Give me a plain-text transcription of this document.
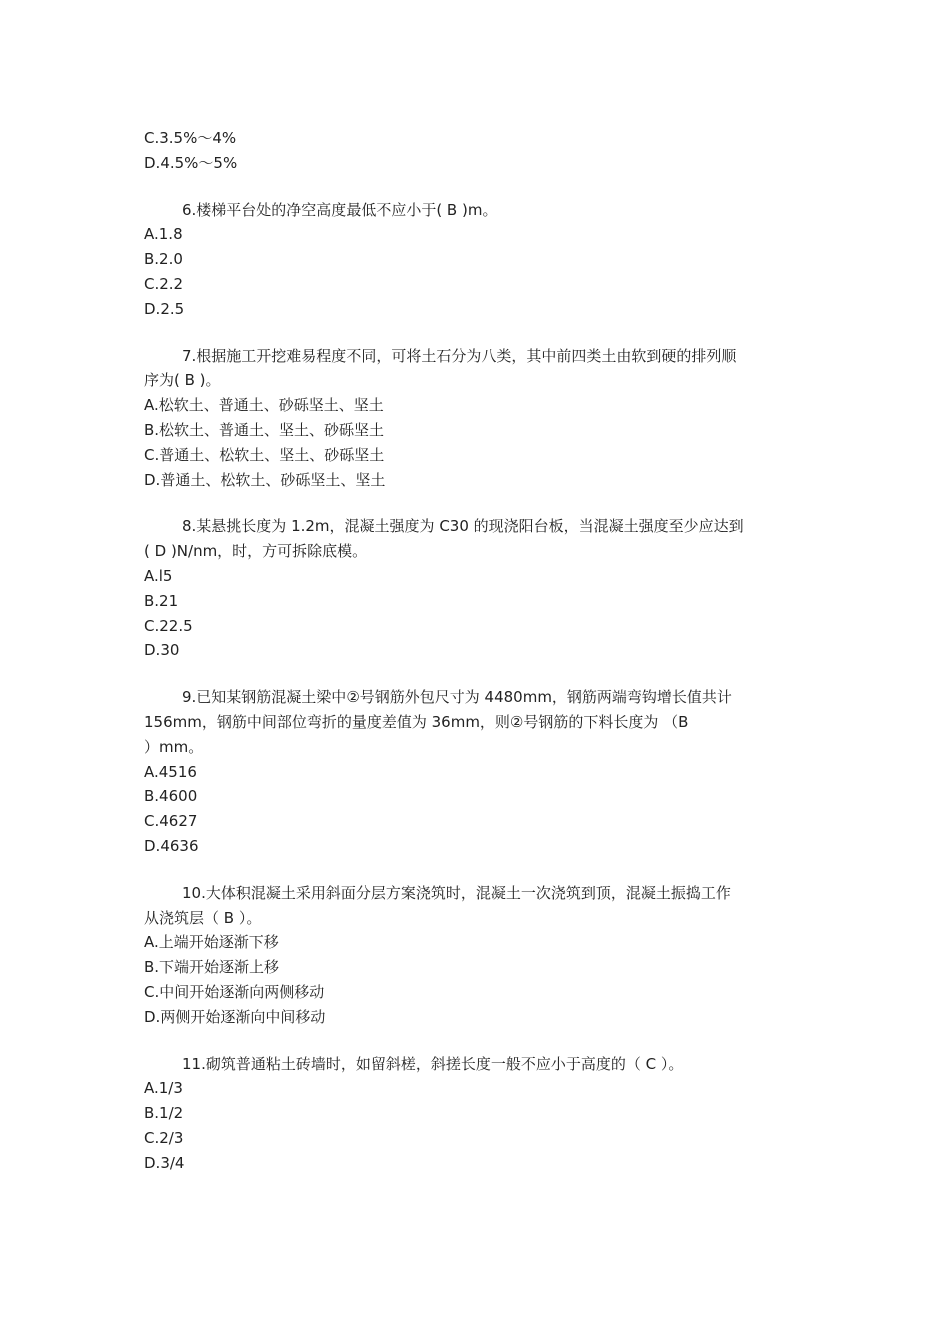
C.3.5%～4%
D.4.5%～5%
6.楼梯平台处的净空高度最低不应小于( B )m。
A.1.8
B.2.0
C.2.2
D.2.5
7.根据施工开挖难易程度不同，可将土石分为八类，其中前四类土由软到硬的排列顺
序为( B )。
A.松软土、普通土、砂砾坚土、坚土
B.松软土、普通土、坚土、砂砾坚土
C.普通土、松软土、坚土、砂砾坚土
D.普通土、松软土、砂砾坚土、坚土
8.某悬挑长度为 1.2m，混凝土强度为 C30 的现浇阳台板，当混凝土强度至少应达到
( D )N/nm，时，方可拆除底模。
A.l5
B.21
C.22.5
D.30
9.已知某钢筋混凝土梁中②号钢筋外包尺寸为 4480mm，钢筋两端弯钩增长值共计
156mm，钢筋中间部位弯折的量度差值为 36mm，则②号钢筋的下料长度为 （B
）mm。
A.4516
B.4600
C.4627
D.4636
10.大体积混凝土采用斜面分层方案浇筑时，混凝土一次浇筑到顶，混凝土振捣工作
从浇筑层（ B ）。
A.上端开始逐渐下移
B.下端开始逐渐上移
C.中间开始逐渐向两侧移动
D.两侧开始逐渐向中间移动
11.砌筑普通粘土砖墙时，如留斜槎，斜搓长度一般不应小于高度的（ C ）。
A.1/3
B.1/2
C.2/3
D.3/4
